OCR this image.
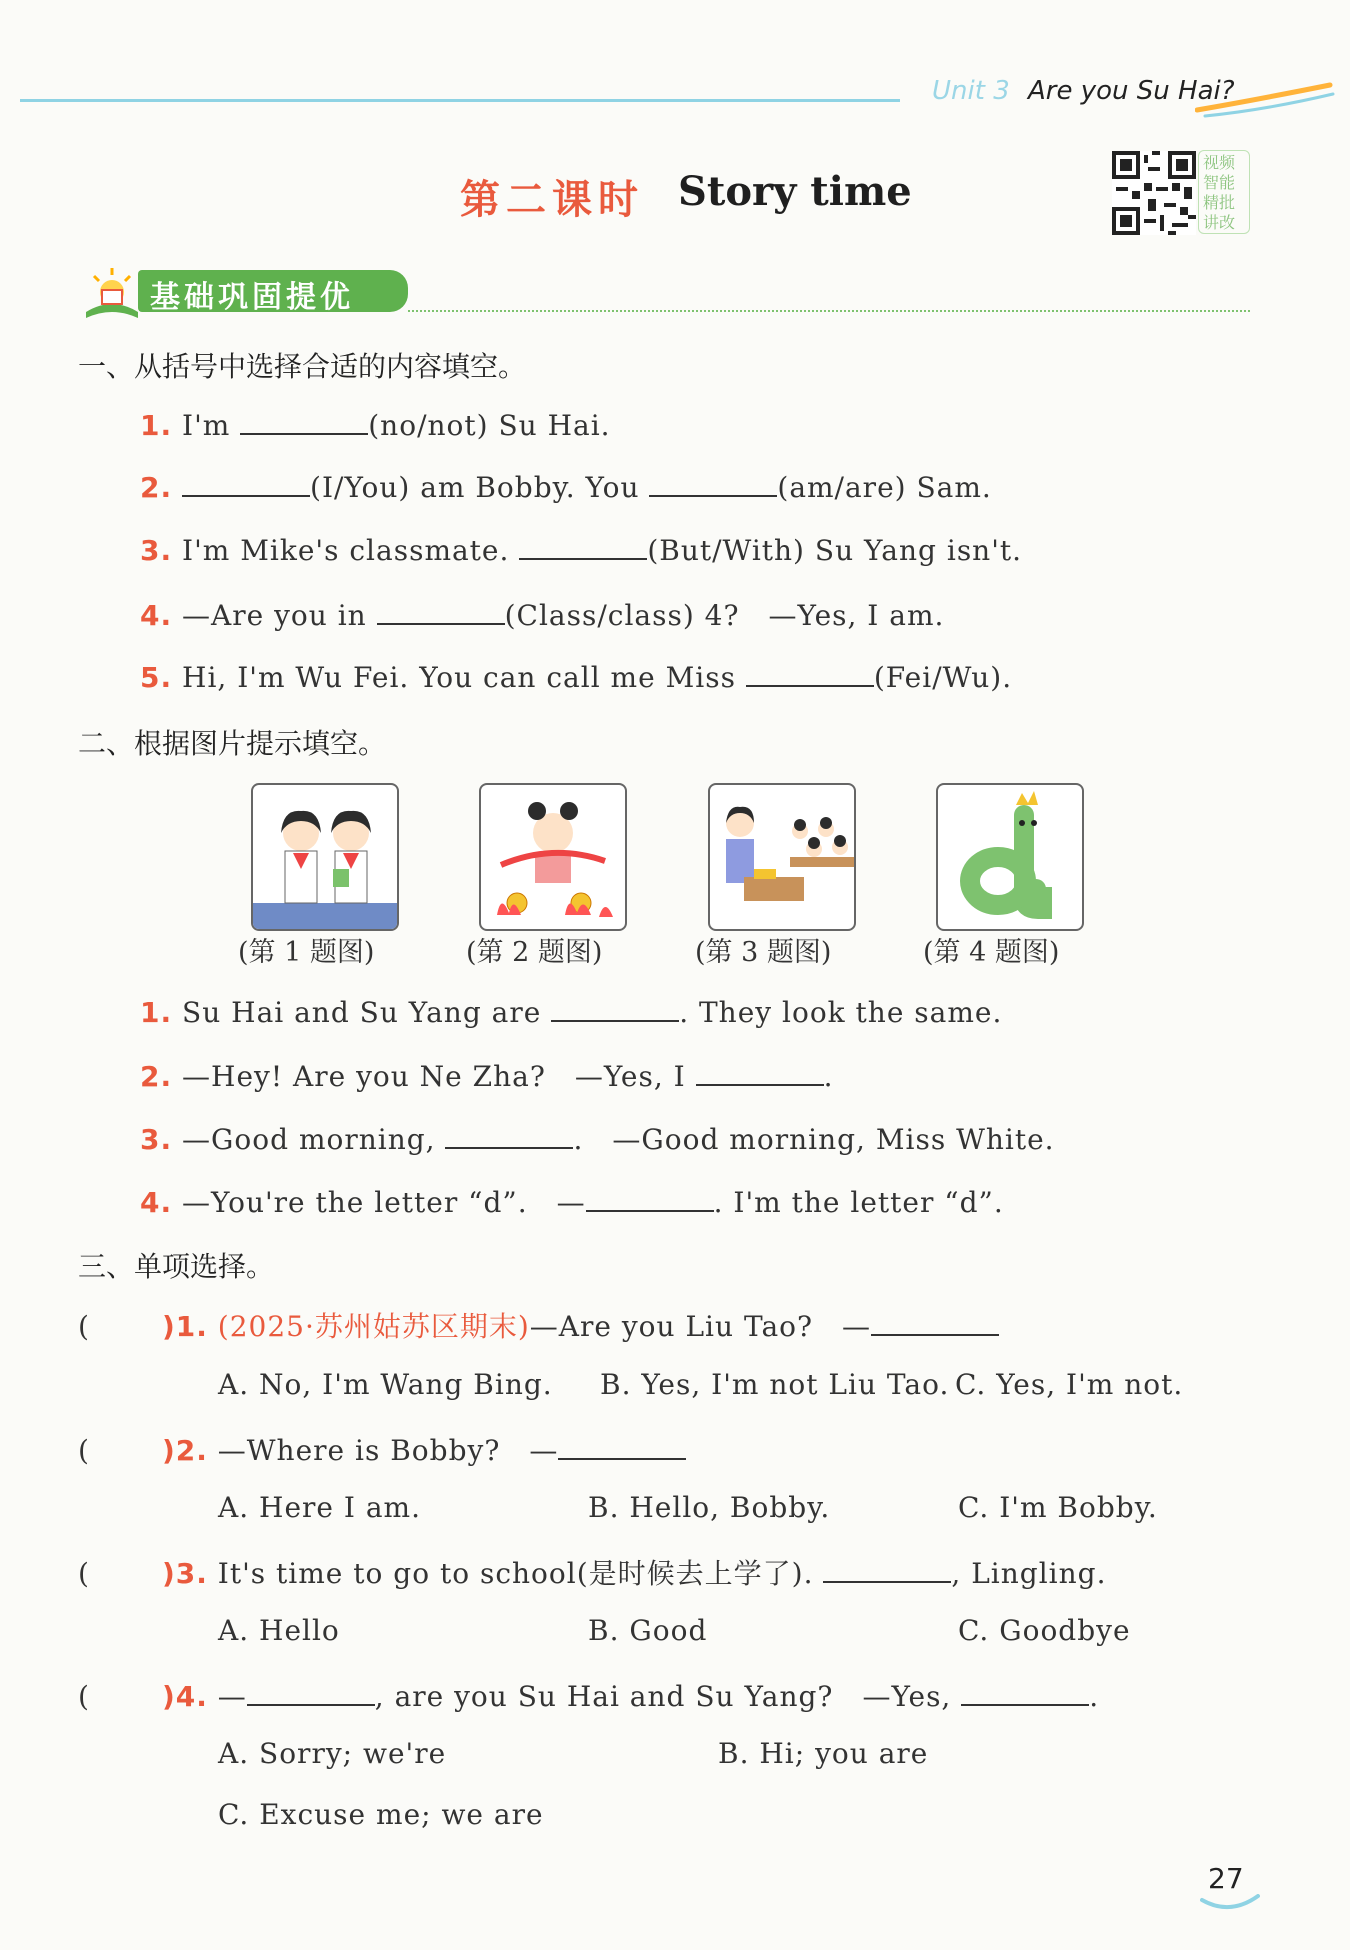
Unit 3 Are you Su Hai?
第二课时 Story time
视频智能精批讲改
基础巩固提优
一、从括号中选择合适的内容填空。
1. I'm	(no/not) Su Hai.
2.	(I/You) am Bobby. You	(am/are) Sam.
3. I'm Mike's classmate.	(But/With) Su Yang isn't.
4. —Are you in	(Class/class) 4?　—Yes, I am.
5. Hi, I'm Wu Fei. You can call me Miss	(Fei/Wu).
二、根据图片提示填空。
(第 1 题图)	(第 2 题图)	(第 3 题图)	(第 4 题图)
1. Su Hai and Su Yang are	. They look the same.
2. —Hey! Are you Ne Zha?　—Yes, I	.
3. —Good morning,	.　—Good morning, Miss White.
4. —You're the letter “d”.　—	. I'm the letter “d”.
三、单项选择。
(	)1. (2025·苏州姑苏区期末)—Are you Liu Tao?　—
A. No, I'm Wang Bing. B. Yes, I'm not Liu Tao. C. Yes, I'm not.
(	)2. —Where is Bobby?　—
A. Here I am.	B. Hello, Bobby.	C. I'm Bobby.
(	)3. It's time to go to school(是时候去上学了).	, Lingling.
A. Hello	B. Good	C. Goodbye
(	)4. —	, are you Su Hai and Su Yang?　—Yes,	.
A. Sorry; we're	B. Hi; you are
C. Excuse me; we are
27
